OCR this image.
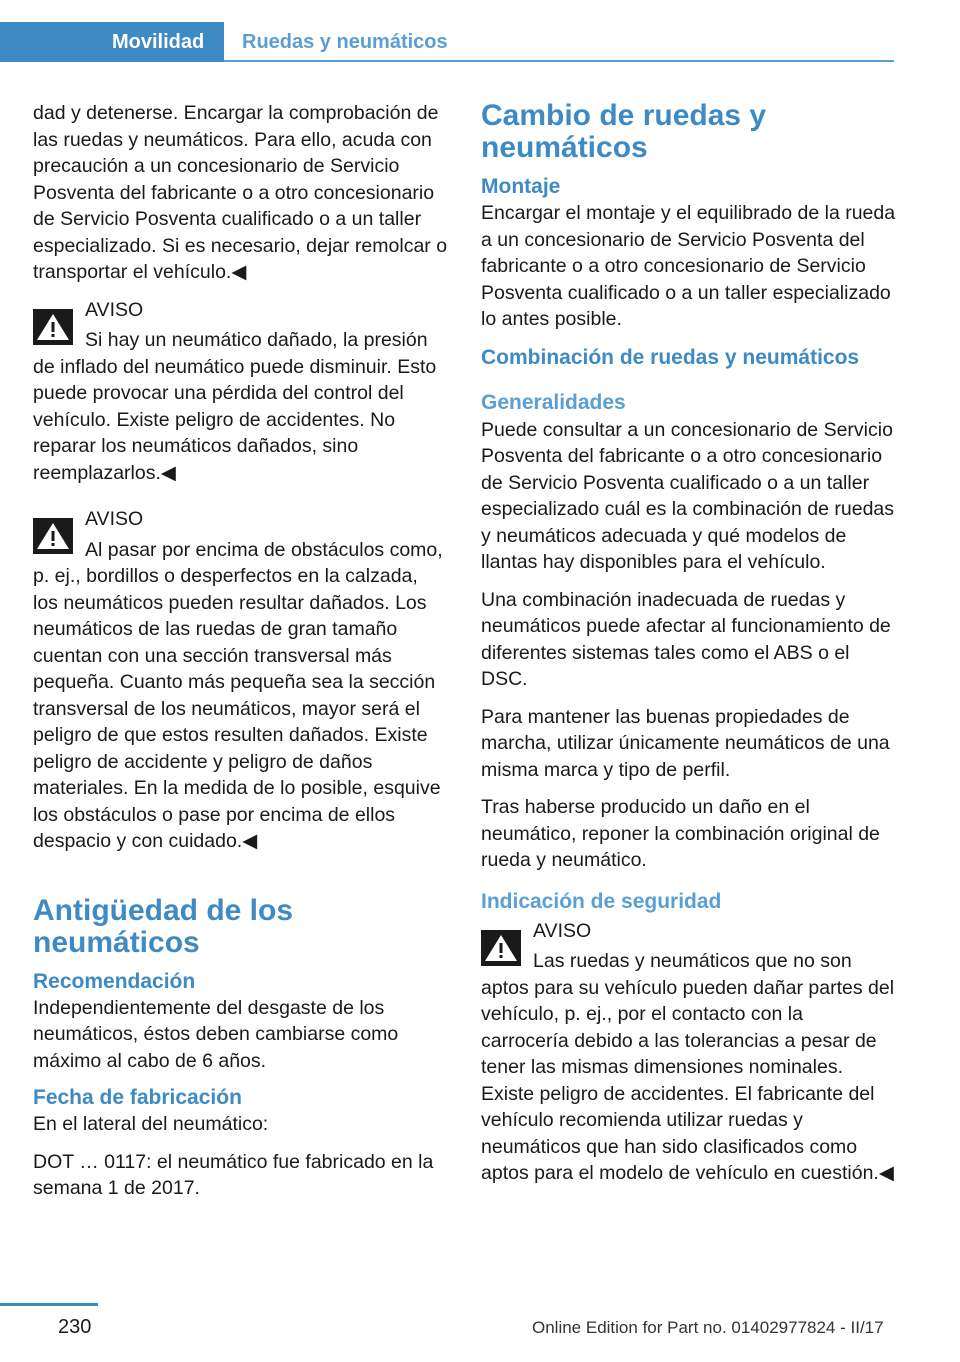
Movilidad Ruedas y neumáticos

dad y detenerse. Encargar la comprobación de las ruedas y neumáticos. Para ello, acuda con precaución a un concesionario de Servicio Posventa del fabricante o a otro concesionario de Servicio Posventa cualificado o a un taller especializado. Si es necesario, dejar remolcar o transportar el vehículo.◀

AVISO

Si hay un neumático dañado, la presión de inflado del neumático puede disminuir. Esto puede provocar una pérdida del control del vehículo. Existe peligro de accidentes. No reparar los neumáticos dañados, sino reemplazarlos.◀

AVISO

Al pasar por encima de obstáculos como, p. ej., bordillos o desperfectos en la calzada, los neumáticos pueden resultar dañados. Los neumáticos de las ruedas de gran tamaño cuentan con una sección transversal más pequeña. Cuanto más pequeña sea la sección transversal de los neumáticos, mayor será el peligro de que estos resulten dañados. Existe peligro de accidente y peligro de daños materiales. En la medida de lo posible, esquive los obstáculos o pase por encima de ellos despacio y con cuidado.◀

Antigüedad de los neumáticos
Recomendación

Independientemente del desgaste de los neumáticos, éstos deben cambiarse como máximo al cabo de 6 años.

Fecha de fabricación

En el lateral del neumático:

DOT … 0117: el neumático fue fabricado en la semana 1 de 2017.

Cambio de ruedas y neumáticos
Montaje

Encargar el montaje y el equilibrado de la rueda a un concesionario de Servicio Posventa del fabricante o a otro concesionario de Servicio Posventa cualificado o a un taller especializado lo antes posible.

Combinación de ruedas y neumáticos
Generalidades

Puede consultar a un concesionario de Servicio Posventa del fabricante o a otro concesionario de Servicio Posventa cualificado o a un taller especializado cuál es la combinación de ruedas y neumáticos adecuada y qué modelos de llantas hay disponibles para el vehículo.

Una combinación inadecuada de ruedas y neumáticos puede afectar al funcionamiento de diferentes sistemas tales como el ABS o el DSC.

Para mantener las buenas propiedades de marcha, utilizar únicamente neumáticos de una misma marca y tipo de perfil.

Tras haberse producido un daño en el neumático, reponer la combinación original de rueda y neumático.

Indicación de seguridad

AVISO

Las ruedas y neumáticos que no son aptos para su vehículo pueden dañar partes del vehículo, p. ej., por el contacto con la carrocería debido a las tolerancias a pesar de tener las mismas dimensiones nominales. Existe peligro de accidentes. El fabricante del vehículo recomienda utilizar ruedas y neumáticos que han sido clasificados como aptos para el modelo de vehículo en cuestión.◀

230	Online Edition for Part no. 01402977824 - II/17
